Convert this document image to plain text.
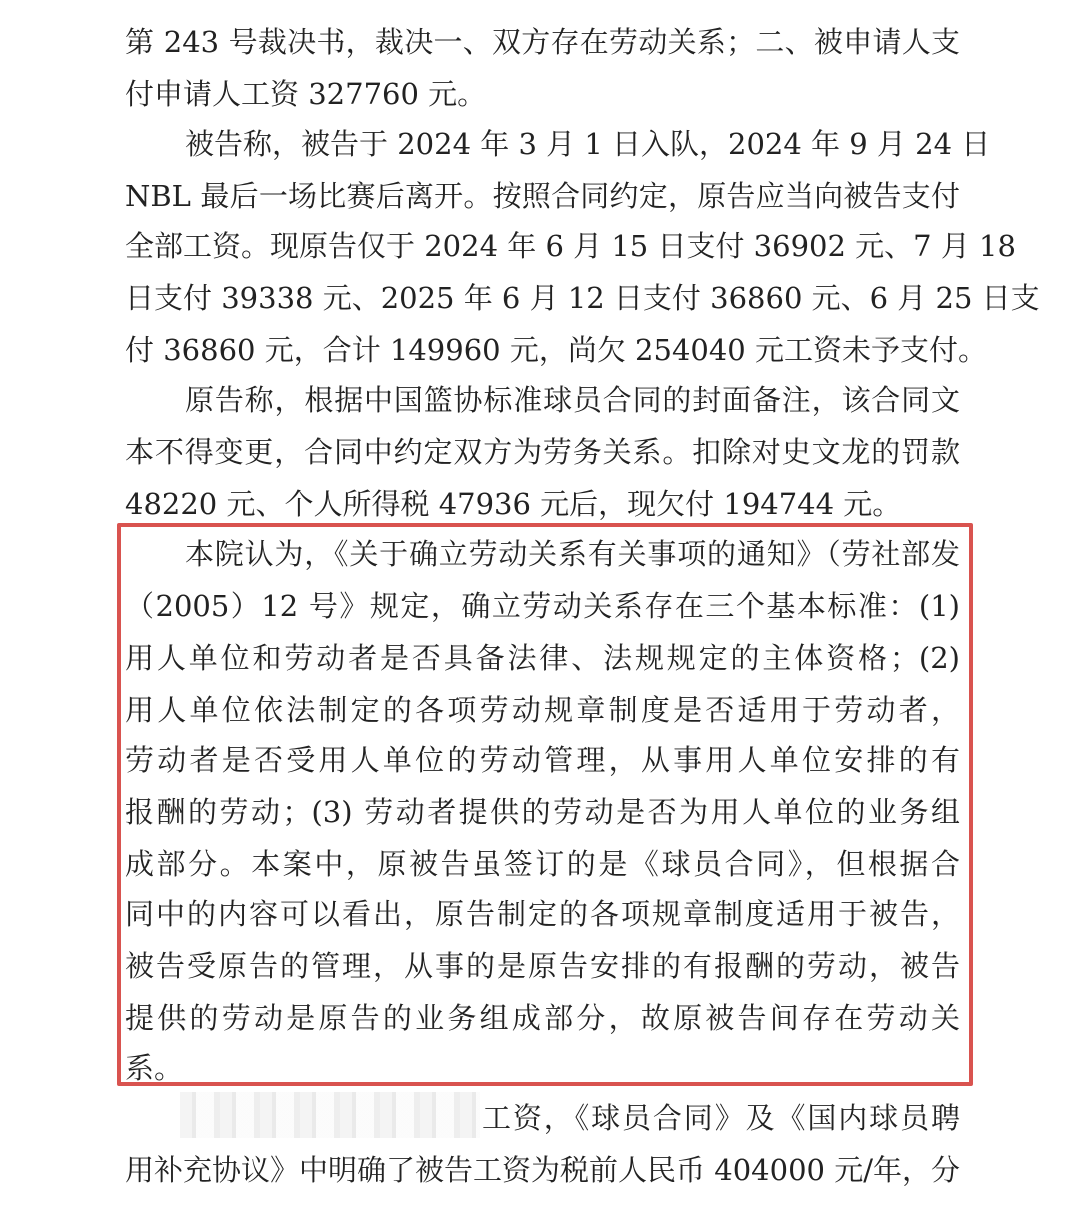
第 243 号裁决书，裁决一、双方存在劳动关系；二、被申请人支
付申请人工资 327760 元。
被告称，被告于 2024 年 3 月 1 日入队，2024 年 9 月 24 日
NBL 最后一场比赛后离开。按照合同约定，原告应当向被告支付
全部工资。现原告仅于 2024 年 6 月 15 日支付 36902 元、7 月 18
日支付 39338 元、2025 年 6 月 12 日支付 36860 元、6 月 25 日支
付 36860 元，合计 149960 元，尚欠 254040 元工资未予支付。
原告称，根据中国篮协标准球员合同的封面备注，该合同文
本不得变更，合同中约定双方为劳务关系。扣除对史文龙的罚款
48220 元、个人所得税 47936 元后，现欠付 194744 元。
本院认为，《关于确立劳动关系有关事项的通知》（劳社部发
（2005）12 号》规定，确立劳动关系存在三个基本标准：(1)
用人单位和劳动者是否具备法律、法规规定的主体资格；(2)
用人单位依法制定的各项劳动规章制度是否适用于劳动者，
劳动者是否受用人单位的劳动管理，从事用人单位安排的有
报酬的劳动；(3) 劳动者提供的劳动是否为用人单位的业务组
成部分。本案中，原被告虽签订的是《球员合同》，但根据合
同中的内容可以看出，原告制定的各项规章制度适用于被告，
被告受原告的管理，从事的是原告安排的有报酬的劳动，被告
提供的劳动是原告的业务组成部分，故原被告间存在劳动关
系。
工资，《球员合同》及《国内球员聘
用补充协议》中明确了被告工资为税前人民币 404000 元/年，分
